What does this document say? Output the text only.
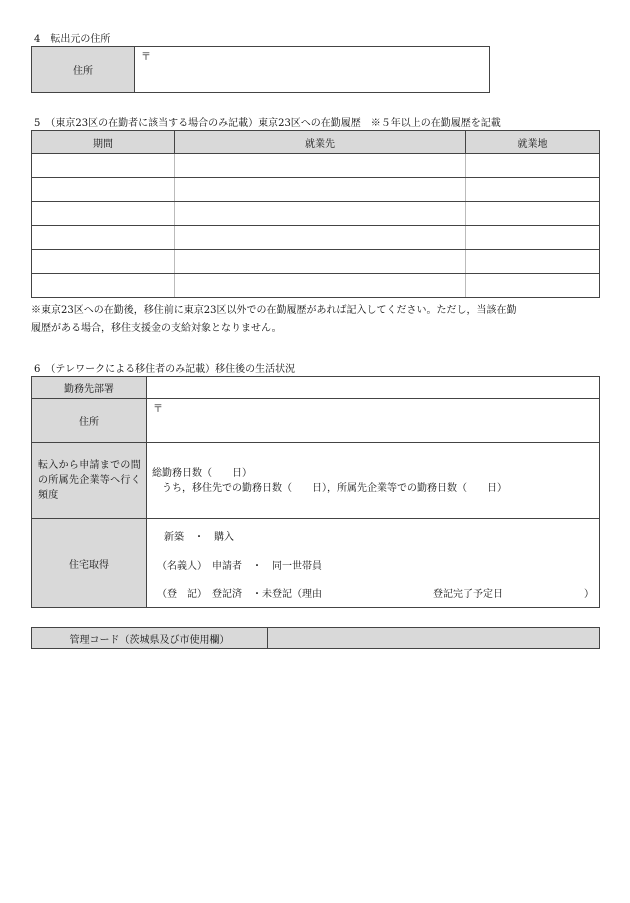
4　転出元の住所
住所	
〒
5　（東京23区の在勤者に該当する場合のみ記載）東京23区への在勤履歴　※５年以上の在勤履歴を記載
期間	就業先	就業地

※東京23区への在勤後，移住前に東京23区以外での在勤履歴があれば記入してください。ただし，当該在勤
履歴がある場合，移住支援金の支給対象となりません。
6　（テレワークによる移住者のみ記載）移住後の生活状況
勤務先部署	
住所	〒

転入から申請までの間の所属先企業等へ行く頻度	総勤務日数（　　日）
うち，移住先での勤務日数（　　日），所属先企業等での勤務日数（　　日）

住宅取得	新築　・　購入
（名義人）　申請者　・　同一世帯員
（登　記）　登記済　・未登記（理由 登記完了予定日 ）
管理コード（茨城県及び市使用欄）	
